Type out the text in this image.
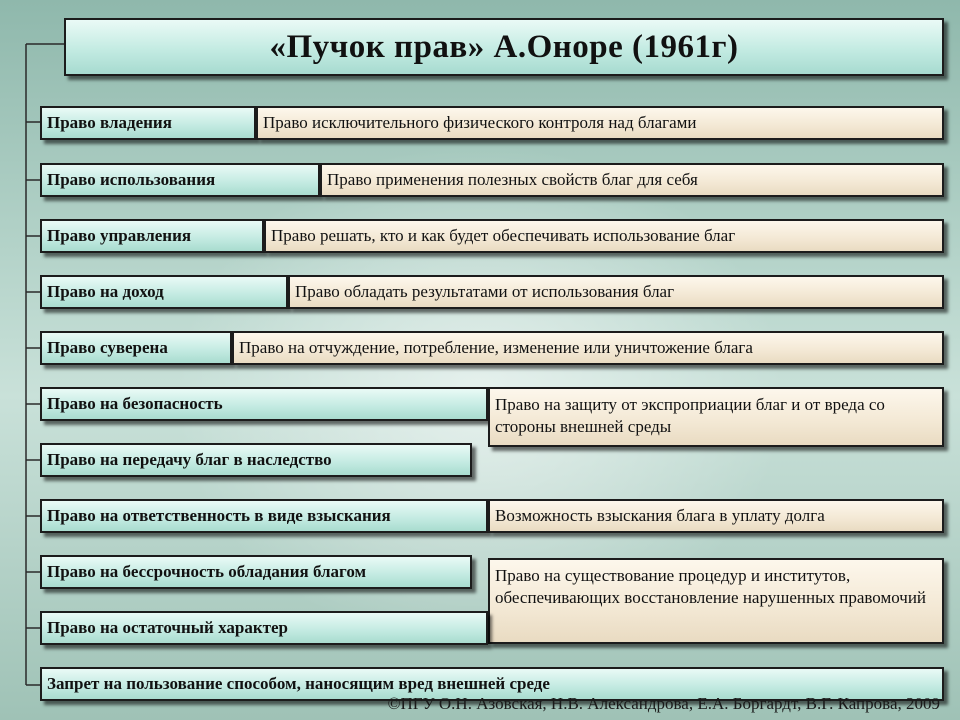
«Пучок прав» А.Оноре (1961г)
Право владения	Право исключительного физического контроля над благами
Право использования	Право применения полезных свойств благ для себя
Право управления	Право решать, кто и как будет обеспечивать использование благ
Право на доход	Право обладать результатами от использования благ
Право суверена	Право на отчуждение, потребление, изменение или уничтожение блага
Право на безопасность	Право на защиту от экспроприации благ и от вреда со стороны внешней среды
Право на передачу благ в наследство
Право на ответственность в виде взыскания	Возможность взыскания блага в уплату долга
Право на бессрочность обладания благом	Право на существование процедур и институтов, обеспечивающих восстановление нарушенных правомочий
Право на остаточный характер
Запрет на пользование способом, наносящим вред внешней среде
©ПГУ О.Н. Азовская, Н.В. Александрова, Е.А. Боргардт, В.Г. Капрова, 2009
